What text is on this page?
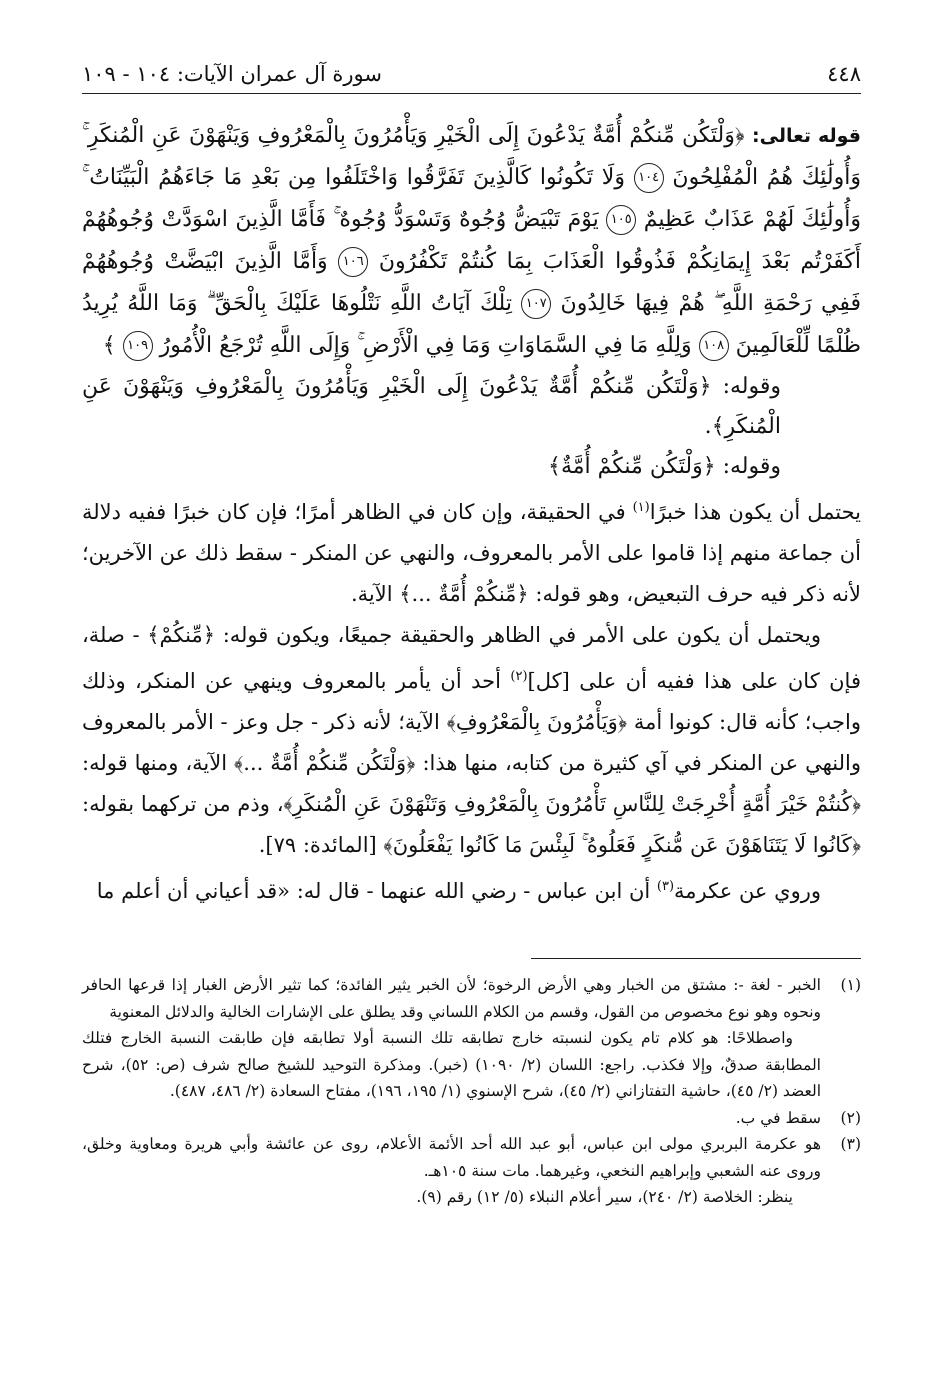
٤٤٨
سورة آل عمران الآيات: ١٠٤ - ١٠٩

قوله تعالى: ﴿وَلْتَكُن مِّنكُمْ أُمَّةٌ يَدْعُونَ إِلَى الْخَيْرِ وَيَأْمُرُونَ بِالْمَعْرُوفِ وَيَنْهَوْنَ عَنِ الْمُنكَرِ ۚ وَأُولَٰئِكَ هُمُ الْمُفْلِحُونَ ١٠٤ وَلَا تَكُونُوا كَالَّذِينَ تَفَرَّقُوا وَاخْتَلَفُوا مِن بَعْدِ مَا جَاءَهُمُ الْبَيِّنَاتُ ۚ وَأُولَٰئِكَ لَهُمْ عَذَابٌ عَظِيمٌ ١٠٥ يَوْمَ تَبْيَضُّ وُجُوهٌ وَتَسْوَدُّ وُجُوهٌ ۚ فَأَمَّا الَّذِينَ اسْوَدَّتْ وُجُوهُهُمْ أَكَفَرْتُم بَعْدَ إِيمَانِكُمْ فَذُوقُوا الْعَذَابَ بِمَا كُنتُمْ تَكْفُرُونَ ١٠٦ وَأَمَّا الَّذِينَ ابْيَضَّتْ وُجُوهُهُمْ فَفِي رَحْمَةِ اللَّهِ ۖ هُمْ فِيهَا خَالِدُونَ ١٠٧ تِلْكَ آيَاتُ اللَّهِ نَتْلُوهَا عَلَيْكَ بِالْحَقِّ ۗ وَمَا اللَّهُ يُرِيدُ ظُلْمًا لِّلْعَالَمِينَ ١٠٨ وَلِلَّهِ مَا فِي السَّمَاوَاتِ وَمَا فِي الْأَرْضِ ۚ وَإِلَى اللَّهِ تُرْجَعُ الْأُمُورُ ١٠٩ ﴾

وقوله: ﴿وَلْتَكُن مِّنكُمْ أُمَّةٌ يَدْعُونَ إِلَى الْخَيْرِ وَيَأْمُرُونَ بِالْمَعْرُوفِ وَيَنْهَوْنَ عَنِ الْمُنكَرِ﴾.

وقوله: ﴿وَلْتَكُن مِّنكُمْ أُمَّةٌ﴾

يحتمل أن يكون هذا خبرًا$^{(١)}$ في الحقيقة، وإن كان في الظاهر أمرًا؛ فإن كان خبرًا ففيه دلالة أن جماعة منهم إذا قاموا على الأمر بالمعروف، والنهي عن المنكر - سقط ذلك عن الآخرين؛ لأنه ذكر فيه حرف التبعيض، وهو قوله: ﴿مِّنكُمْ أُمَّةٌ ...﴾ الآية.

ويحتمل أن يكون على الأمر في الظاهر والحقيقة جميعًا، ويكون قوله: ﴿مِّنكُمْ﴾ - صلة، فإن كان على هذا ففيه أن على [كل]$^{(٢)}$ أحد أن يأمر بالمعروف وينهي عن المنكر، وذلك واجب؛ كأنه قال: كونوا أمة ﴿وَيَأْمُرُونَ بِالْمَعْرُوفِ﴾ الآية؛ لأنه ذكر - جل وعز - الأمر بالمعروف والنهي عن المنكر في آي كثيرة من كتابه، منها هذا: ﴿وَلْتَكُن مِّنكُمْ أُمَّةٌ ...﴾ الآية، ومنها قوله: ﴿كُنتُمْ خَيْرَ أُمَّةٍ أُخْرِجَتْ لِلنَّاسِ تَأْمُرُونَ بِالْمَعْرُوفِ وَتَنْهَوْنَ عَنِ الْمُنكَرِ﴾، وذم من تركهما بقوله: ﴿كَانُوا لَا يَتَنَاهَوْنَ عَن مُّنكَرٍ فَعَلُوهُ ۚ لَبِئْسَ مَا كَانُوا يَفْعَلُونَ﴾ [المائدة: ٧٩].

وروي عن عكرمة$^{(٣)}$ أن ابن عباس - رضي الله عنهما - قال له: «قد أعياني أن أعلم ما

(١)
الخبر - لغة -: مشتق من الخبار وهي الأرض الرخوة؛ لأن الخبر يثير الفائدة؛ كما تثير الأرض الغبار إذا قرعها الحافر ونحوه وهو نوع مخصوص من القول، وقسم من الكلام اللساني وقد يطلق على الإشارات الخالية والدلائل المعنوية
واصطلاحًا: هو كلام تام يكون لنسبته خارج تطابقه تلك النسبة أولا تطابقه فإن طابقت النسبة الخارج فتلك المطابقة صدقٌ، وإلا فكذب. راجع: اللسان (٢/ ١٠٩٠) (خبر). ومذكرة التوحيد للشيخ صالح شرف (ص: ٥٢)، شرح العضد (٢/ ٤٥)، حاشية التفتازاني (٢/ ٤٥)، شرح الإسنوي (١/ ١٩٥، ١٩٦)، مفتاح السعادة (٢/ ٤٨٦، ٤٨٧).
(٢)
سقط في ب.
(٣)
هو عكرمة البربري مولى ابن عباس، أبو عبد الله أحد الأئمة الأعلام، روى عن عائشة وأبي هريرة ومعاوية وخلق، وروى عنه الشعبي وإبراهيم النخعي، وغيرهما. مات سنة ١٠٥هـ.
ينظر: الخلاصة (٢/ ٢٤٠)، سير أعلام النبلاء (٥/ ١٢) رقم (٩).
